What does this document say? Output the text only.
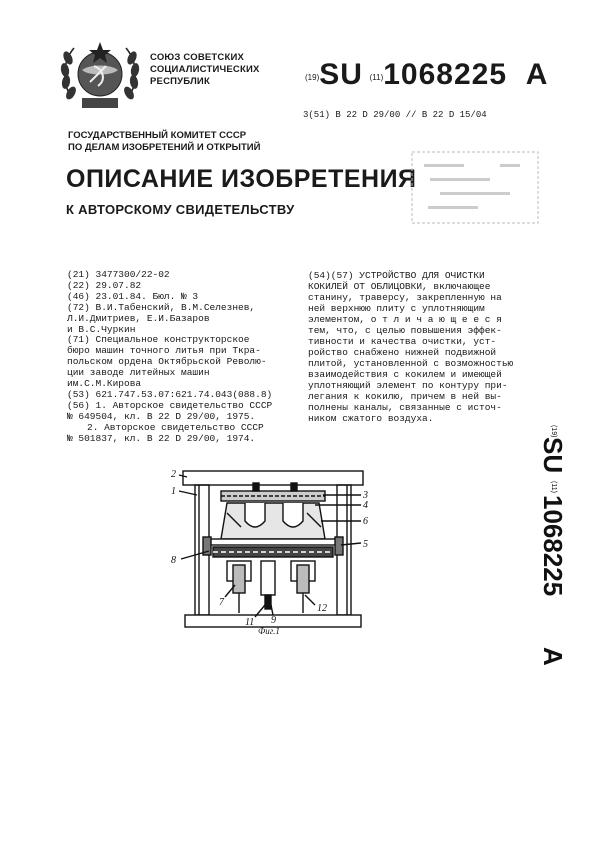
СОЮЗ СОВЕТСКИХ
СОЦИАЛИСТИЧЕСКИХ
РЕСПУБЛИК	(19)SU (11)1068225 A
3(51) В 22 D 29/00 // В 22 D 15/04
ГОСУДАРСТВЕННЫЙ КОМИТЕТ СССР
ПО ДЕЛАМ ИЗОБРЕТЕНИЙ И ОТКРЫТИЙ
ОПИСАНИЕ ИЗОБРЕТЕНИЯ
К АВТОРСКОМУ СВИДЕТЕЛЬСТВУ
(21) 3477300/22-02
(22) 29.07.82
(46) 23.01.84. Бюл. № 3
(72) В.И.Табенский, В.М.Селезнев,
Л.И.Дмитриев, Е.И.Базаров
и В.С.Чуркин
(71) Специальное конструкторское
бюро машин точного литья при Ткра-
польском ордена Октябрьской Револю-
ции заводе литейных машин
им.С.М.Кирова
(53) 621.747.53.07:621.74.043(088.8)
(56) 1. Авторское свидетельство СССР
№ 649504, кл. В 22 D 29/00, 1975.
2. Авторское свидетельство СССР
№ 501837, кл. В 22 D 29/00, 1974.
(54)(57) УСТРОЙСТВО ДЛЯ ОЧИСТКИ
КОКИЛЕЙ ОТ ОБЛИЦОВКИ, включающее
станину, траверсу, закрепленную на
ней верхнюю плиту с уплотняющим
элементом, о т л и ч а ю щ е е с я
тем, что, с целью повышения эффек-
тивности и качества очистки, уст-
ройство снабжено нижней подвижной
плитой, установленной с возможностью
взаимодействия с кокилем и имеющей
уплотняющий элемент по контуру при-
легания к кокилю, причем в ней вы-
полнены каналы, связанные с источ-
ником сжатого воздуха.
(19)
SU
(11)
1068225
A
2
1	3
4
6
5
8
7
11 9
12
Фиг.1
